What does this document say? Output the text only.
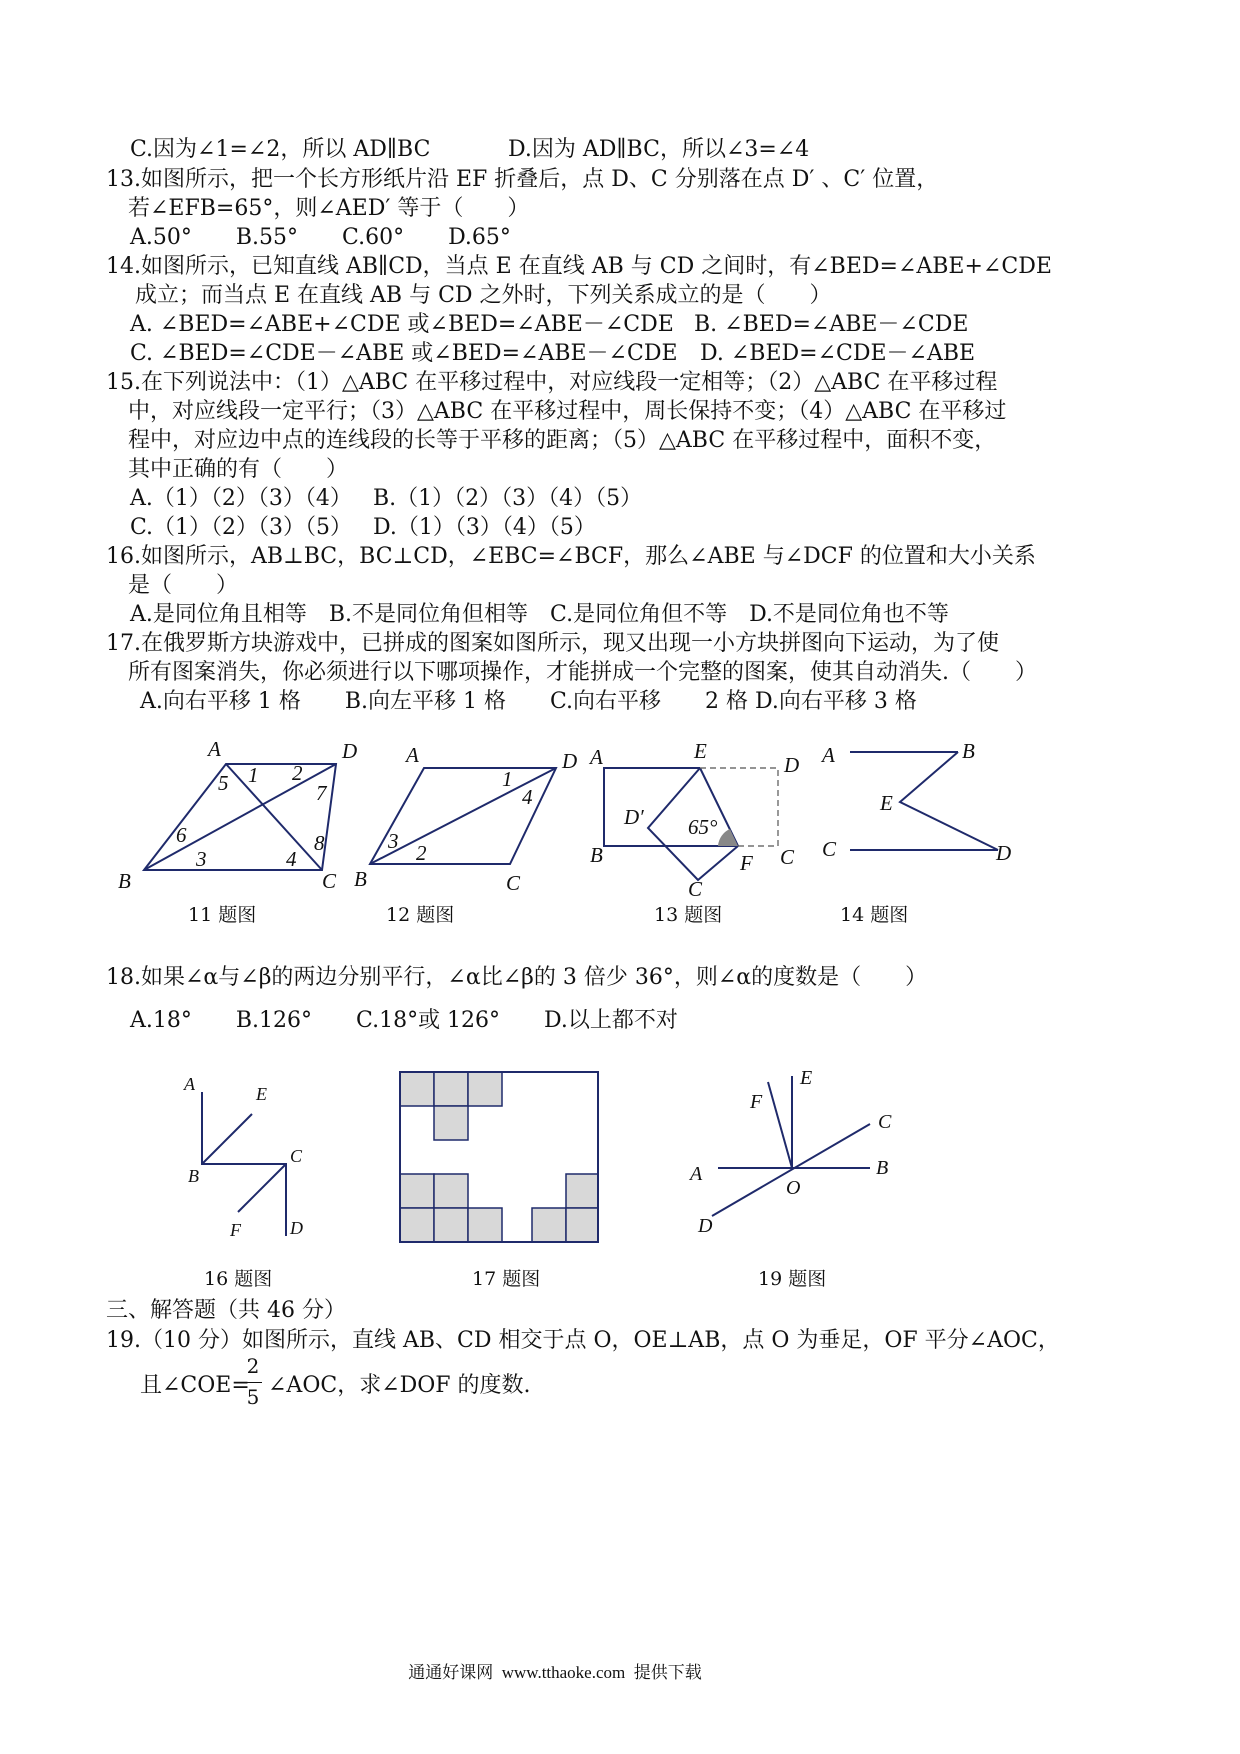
C.因为∠1=∠2，所以 AD∥BC	D.因为 AD∥BC，所以∠3=∠4
13.如图所示，把一个长方形纸片沿 EF 折叠后，点 D、C 分别落在点 D′ 、C′ 位置，
若∠EFB=65°，则∠AED′ 等于（　　）
A.50°　　B.55°　　C.60°　　D.65°
14.如图所示，已知直线 AB∥CD，当点 E 在直线 AB 与 CD 之间时，有∠BED=∠ABE+∠CDE
成立；而当点 E 在直线 AB 与 CD 之外时，下列关系成立的是（　　）
A. ∠BED=∠ABE+∠CDE 或∠BED=∠ABE－∠CDE B. ∠BED=∠ABE－∠CDE
C. ∠BED=∠CDE－∠ABE 或∠BED=∠ABE－∠CDE D. ∠BED=∠CDE－∠ABE
15.在下列说法中：（1）△ABC 在平移过程中，对应线段一定相等；（2）△ABC 在平移过程
中，对应线段一定平行；（3）△ABC 在平移过程中，周长保持不变；（4）△ABC 在平移过
程中，对应边中点的连线段的长等于平移的距离；（5）△ABC 在平移过程中，面积不变，
其中正确的有（　　）
A.（1）（2）（3）（4） B.（1）（2）（3）（4）（5）
C.（1）（2）（3）（5） D.（1）（3）（4）（5）
16.如图所示，AB⊥BC，BC⊥CD，∠EBC=∠BCF，那么∠ABE 与∠DCF 的位置和大小关系
是（　　）
A.是同位角且相等　B.不是同位角但相等　C.是同位角但不等　D.不是同位角也不等
17.在俄罗斯方块游戏中，已拼成的图案如图所示，现又出现一小方块拼图向下运动，为了使
所有图案消失，你必须进行以下哪项操作，才能拼成一个完整的图案，使其自动消失.（　　）
A.向右平移 1 格　　B.向左平移 1 格　　C.向右平移　　2 格 D.向右平移 3 格
18.如果∠α与∠β的两边分别平行，∠α比∠β的 3 倍少 36°，则∠α的度数是（　　）
A.18°　　B.126°　　C.18°或 126°　　D.以上都不对
三、解答题（共 46 分）
19.（10 分）如图所示，直线 AB、CD 相交于点 O，OE⊥AB，点 O 为垂足，OF 平分∠AOC，
且∠COE=
2
5 ∠AOC，求∠DOF 的度数.
A	D
B	C
1 2
5	7
6	8
3	4
A	D
B	C
1
4
3 2
A	E
D
D′ 65°
B	F C
C
A	B
E
C	D
11 题图	12 题图	13 题图	14 题图
A	E
B
C
F	D
E
F
C
A	B
O
D
16 题图	17 题图	19 题图
通通好课网  www.tthaoke.com  提供下载
